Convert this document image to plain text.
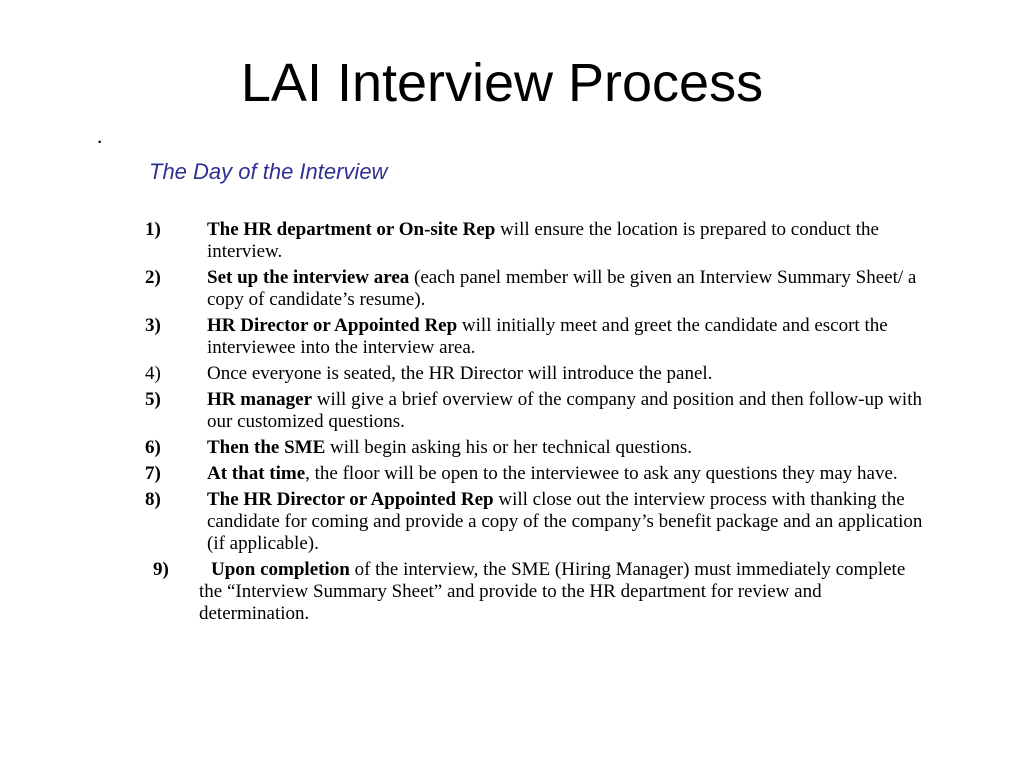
LAI Interview Process
·
The Day of the Interview
1) The HR department or On-site Rep will ensure the location is prepared to conduct the interview.
2) Set up the interview area (each panel member will be given an Interview Summary Sheet/ a copy of candidate’s resume).
3) HR Director or Appointed Rep will initially meet and greet the candidate and escort the interviewee into the interview area.
4) Once everyone is seated, the HR Director will introduce the panel.
5) HR manager will give a brief overview of the company and position and then follow-up with our customized questions.
6) Then the SME will begin asking his or her technical questions.
7) At that time, the floor will be open to the interviewee to ask any questions they may have.
8) The HR Director or Appointed Rep will close out the interview process with thanking the candidate for coming and provide a copy of the company’s benefit package and an application (if applicable).
9) Upon completion of the interview, the SME (Hiring Manager) must immediately complete the “Interview Summary Sheet” and provide to the HR department for review and determination.
